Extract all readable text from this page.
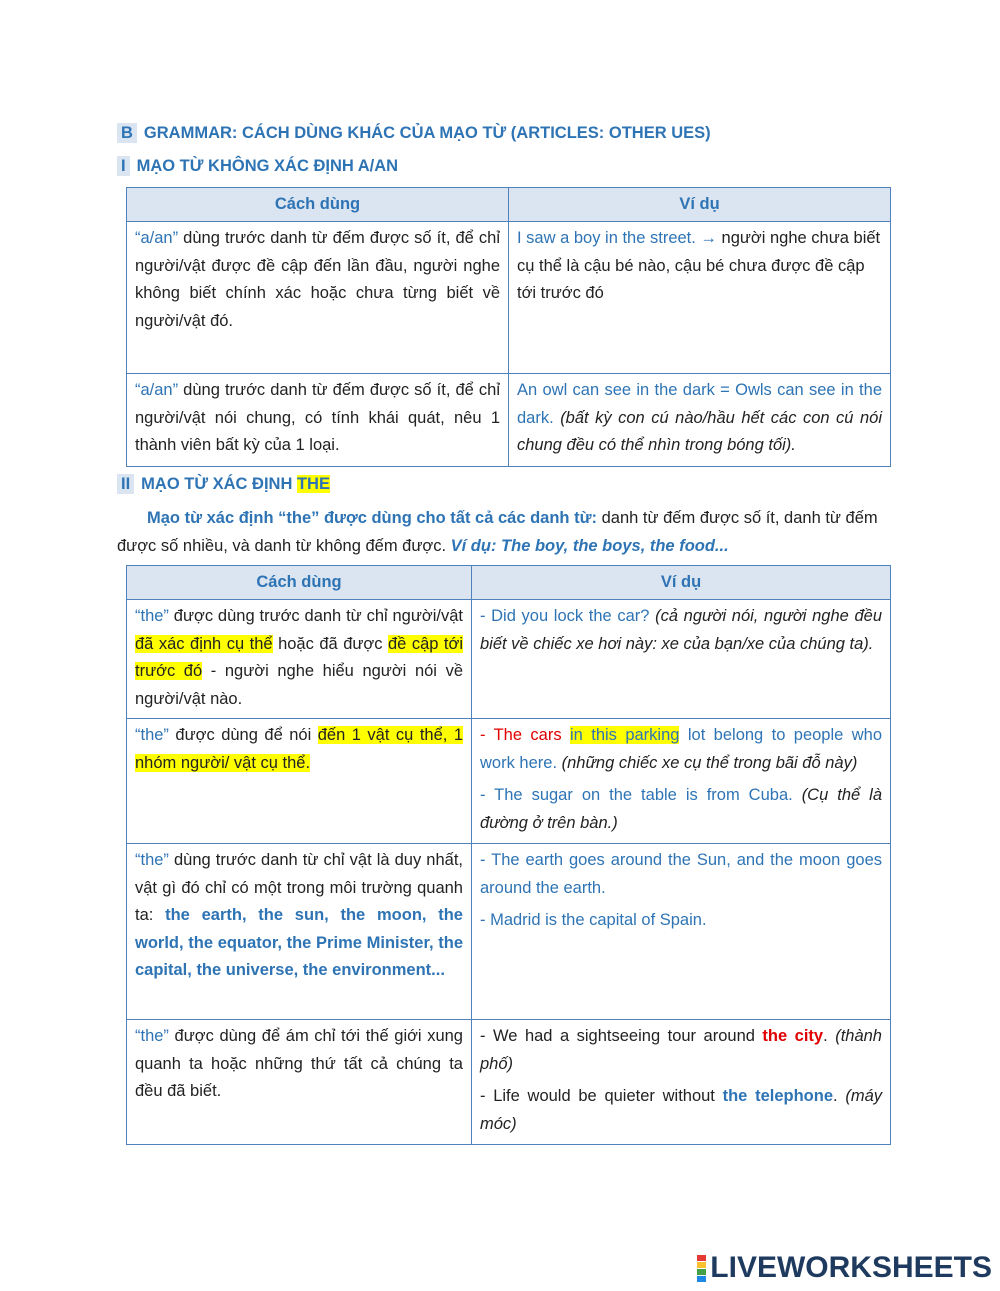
B GRAMMAR: CÁCH DÙNG KHÁC CỦA MẠO TỪ (ARTICLES: OTHER UES)
I MẠO TỪ KHÔNG XÁC ĐỊNH A/AN
Cách dùng	Ví dụ
“a/an” dùng trước danh từ đếm được số ít, để chỉ người/vật được đề cập đến lần đầu, người nghe không biết chính xác hoặc chưa từng biết về người/vật đó.	I saw a boy in the street. → người nghe chưa biết cụ thể là cậu bé nào, cậu bé chưa được đề cập tới trước đó
“a/an” dùng trước danh từ đếm được số ít, để chỉ người/vật nói chung, có tính khái quát, nêu 1 thành viên bất kỳ của 1 loại.	An owl can see in the dark = Owls can see in the dark. (bất kỳ con cú nào/hầu hết các con cú nói chung đều có thể nhìn trong bóng tối).
II MẠO TỪ XÁC ĐỊNH THE

Mạo từ xác định “the” được dùng cho tất cả các danh từ: danh từ đếm được số ít, danh từ đếm được số nhiều, và danh từ không đếm được. Ví dụ: The boy, the boys, the food...

Cách dùng	Ví dụ
“the” được dùng trước danh từ chỉ người/vật đã xác định cụ thể hoặc đã được đề cập tới trước đó - người nghe hiểu người nói về người/vật nào.	- Did you lock the car? (cả người nói, người nghe đều biết về chiếc xe hơi này: xe của bạn/xe của chúng ta).
“the” được dùng để nói đến 1 vật cụ thể, 1 nhóm người/ vật cụ thể.	- The cars in this parking lot belong to people who work here. (những chiếc xe cụ thể trong bãi đỗ này)

- The sugar on the table is from Cuba. (Cụ thể là đường ở trên bàn.)

“the” dùng trước danh từ chỉ vật là duy nhất, vật gì đó chỉ có một trong môi trường quanh ta: the earth, the sun, the moon, the world, the equator, the Prime Minister, the capital, the universe, the environment...	- The earth goes around the Sun, and the moon goes around the earth.

- Madrid is the capital of Spain.

“the” được dùng để ám chỉ tới thế giới xung quanh ta hoặc những thứ tất cả chúng ta đều đã biết.	- We had a sightseeing tour around the city. (thành phố)

- Life would be quieter without the telephone. (máy móc)

LIVEWORKSHEETS
